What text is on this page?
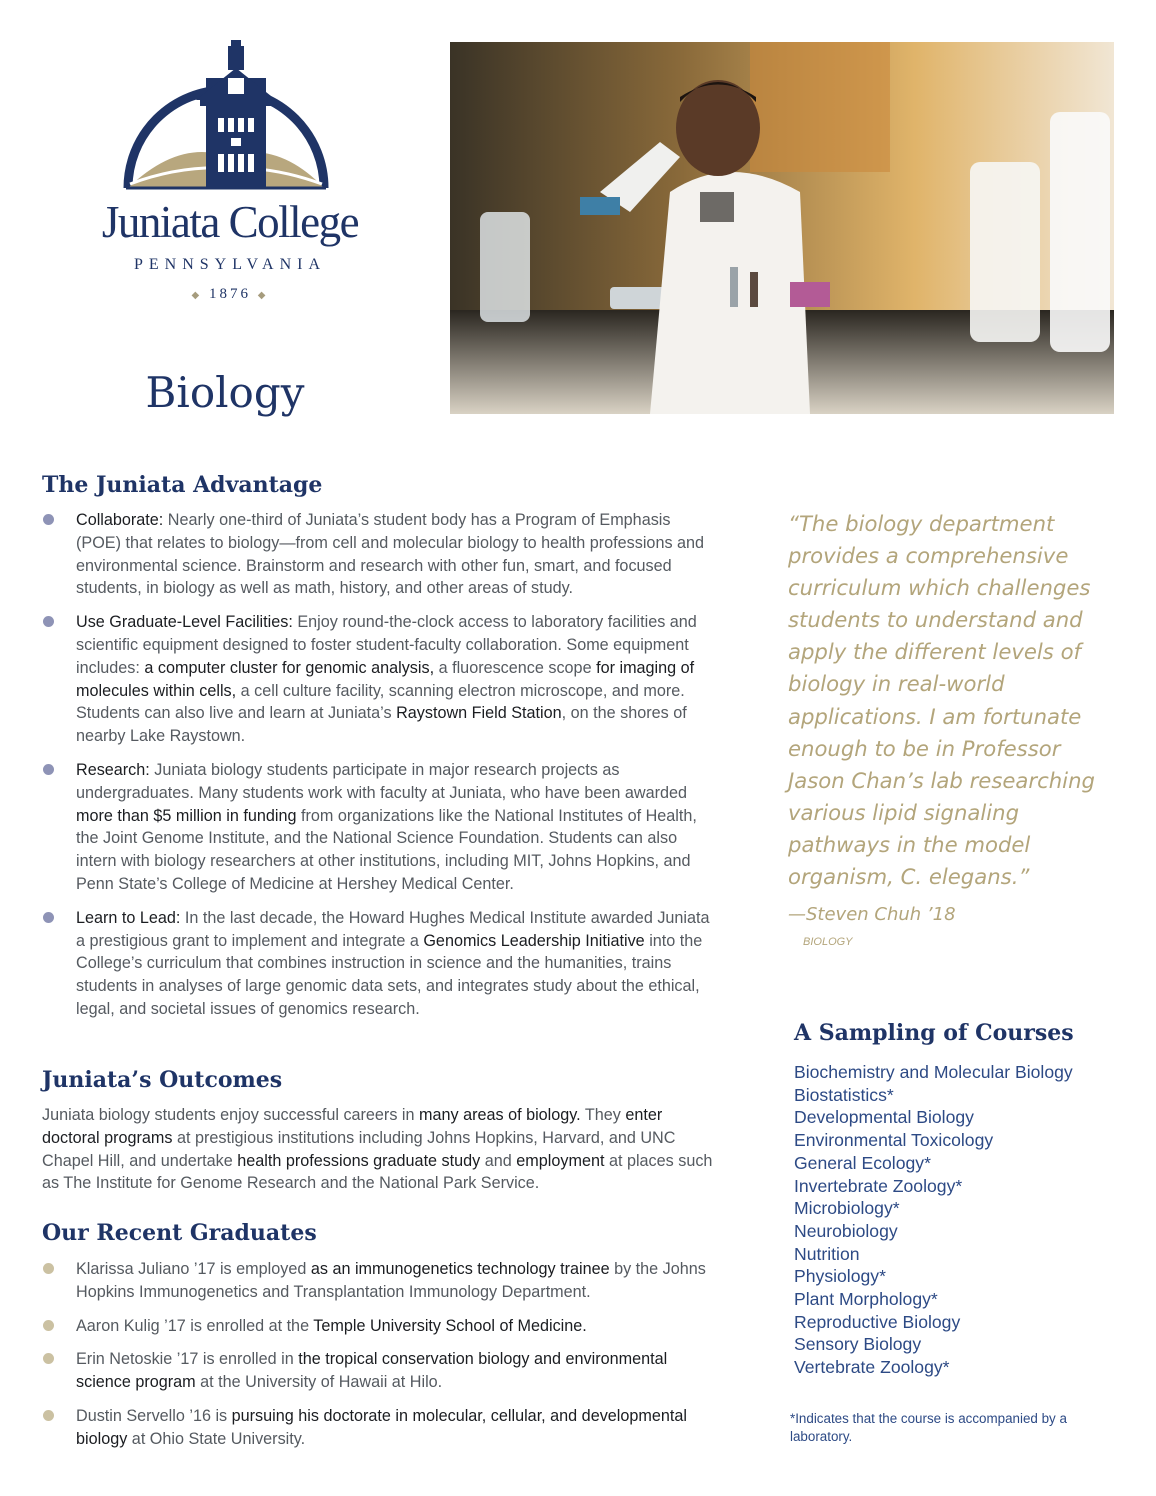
Juniata College
PENNSYLVANIA
◆ 1876 ◆
Biology
The Juniata Advantage
Collaborate: Nearly one-third of Juniata’s student body has a Program of Emphasis (POE) that relates to biology—from cell and molecular biology to health professions and environmental science. Brainstorm and research with other fun, smart, and focused students, in biology as well as math, history, and other areas of study.
Use Graduate-Level Facilities: Enjoy round-the-clock access to laboratory facilities and scientific equipment designed to foster student-faculty collaboration. Some equipment includes: a computer cluster for genomic analysis, a fluorescence scope for imaging of molecules within cells, a cell culture facility, scanning electron microscope, and more. Students can also live and learn at Juniata’s Raystown Field Station, on the shores of nearby Lake Raystown.
Research: Juniata biology students participate in major research projects as undergraduates. Many students work with faculty at Juniata, who have been awarded more than $5 million in funding from organizations like the National Institutes of Health, the Joint Genome Institute, and the National Science Foundation. Students can also intern with biology researchers at other institutions, including MIT, Johns Hopkins, and Penn State’s College of Medicine at Hershey Medical Center.
Learn to Lead: In the last decade, the Howard Hughes Medical Institute awarded Juniata a prestigious grant to implement and integrate a Genomics Leadership Initiative into the College’s curriculum that combines instruction in science and the humanities, trains students in analyses of large genomic data sets, and integrates study about the ethical, legal, and societal issues of genomics research.
Juniata’s Outcomes

Juniata biology students enjoy successful careers in many areas of biology. They enter doctoral programs at prestigious institutions including Johns Hopkins, Harvard, and UNC Chapel Hill, and undertake health professions graduate study and employment at places such as The Institute for Genome Research and the National Park Service.

Our Recent Graduates
Klarissa Juliano ’17 is employed as an immunogenetics technology trainee by the Johns Hopkins Immunogenetics and Transplantation Immunology Department.
Aaron Kulig ’17 is enrolled at the Temple University School of Medicine.
Erin Netoskie ’17 is enrolled in the tropical conservation biology and environmental science program at the University of Hawaii at Hilo.
Dustin Servello ’16 is pursuing his doctorate in molecular, cellular, and developmental biology at Ohio State University.
“The biology department provides a comprehensive curriculum which challenges students to understand and apply the different levels of biology in real-world applications. I am fortunate enough to be in Professor Jason Chan’s lab researching various lipid signaling pathways in the model organism, C. elegans.”
—Steven Chuh ’18
BIOLOGY
A Sampling of Courses
Biochemistry and Molecular Biology
Biostatistics*
Developmental Biology
Environmental Toxicology
General Ecology*
Invertebrate Zoology*
Microbiology*
Neurobiology
Nutrition
Physiology*
Plant Morphology*
Reproductive Biology
Sensory Biology
Vertebrate Zoology*
*Indicates that the course is accompanied by a laboratory.
